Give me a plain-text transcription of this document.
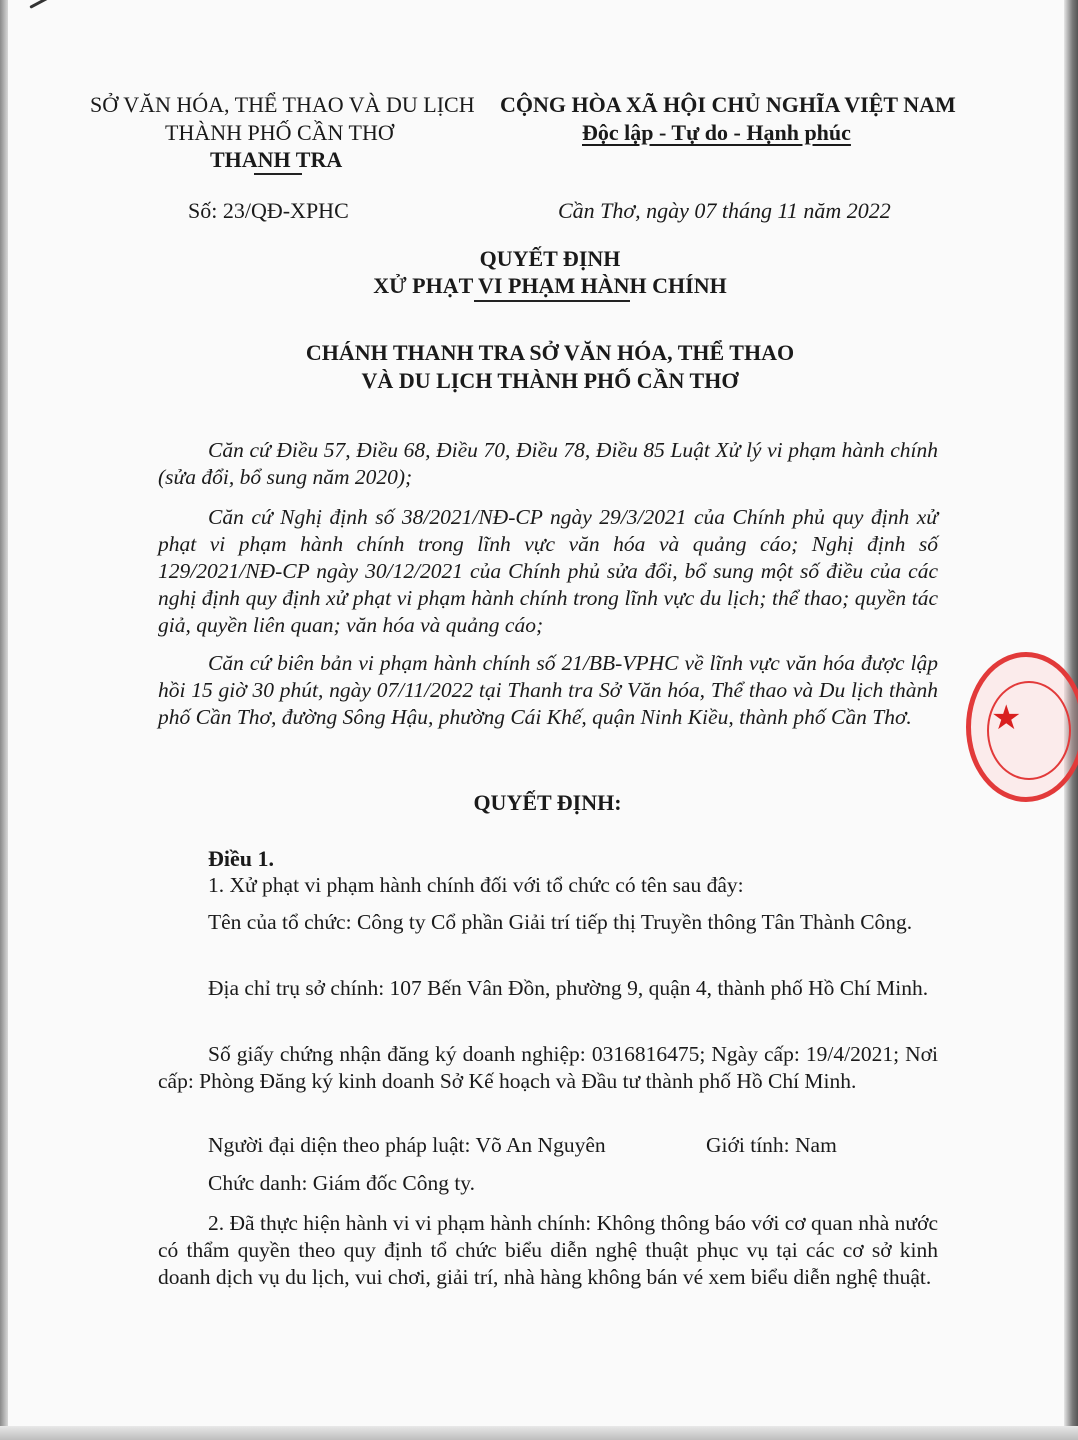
SỞ VĂN HÓA, THỂ THAO VÀ DU LỊCH
THÀNH PHỐ CẦN THƠ
THANH TRA
CỘNG HÒA XÃ HỘI CHỦ NGHĨA VIỆT NAM
Độc lập - Tự do - Hạnh phúc
Số: 23/QĐ-XPHC	Cần Thơ, ngày 07 tháng 11 năm 2022
QUYẾT ĐỊNH
XỬ PHẠT VI PHẠM HÀNH CHÍNH
CHÁNH THANH TRA SỞ VĂN HÓA, THỂ THAO
VÀ DU LỊCH THÀNH PHỐ CẦN THƠ
Căn cứ Điều 57, Điều 68, Điều 70, Điều 78, Điều 85 Luật Xử lý vi phạm hành chính (sửa đổi, bổ sung năm 2020);
Căn cứ Nghị định số 38/2021/NĐ-CP ngày 29/3/2021 của Chính phủ quy định xử phạt vi phạm hành chính trong lĩnh vực văn hóa và quảng cáo; Nghị định số 129/2021/NĐ-CP ngày 30/12/2021 của Chính phủ sửa đổi, bổ sung một số điều của các nghị định quy định xử phạt vi phạm hành chính trong lĩnh vực du lịch; thể thao; quyền tác giả, quyền liên quan; văn hóa và quảng cáo;
Căn cứ biên bản vi phạm hành chính số 21/BB-VPHC về lĩnh vực văn hóa được lập hồi 15 giờ 30 phút, ngày 07/11/2022 tại Thanh tra Sở Văn hóa, Thể thao và Du lịch thành phố Cần Thơ, đường Sông Hậu, phường Cái Khế, quận Ninh Kiều, thành phố Cần Thơ.	★
QUYẾT ĐỊNH:
Điều 1.
1. Xử phạt vi phạm hành chính đối với tổ chức có tên sau đây:
Tên của tổ chức: Công ty Cổ phần Giải trí tiếp thị Truyền thông Tân Thành Công.
Địa chỉ trụ sở chính: 107 Bến Vân Đồn, phường 9, quận 4, thành phố Hồ Chí Minh.
Số giấy chứng nhận đăng ký doanh nghiệp: 0316816475; Ngày cấp: 19/4/2021; Nơi cấp: Phòng Đăng ký kinh doanh Sở Kế hoạch và Đầu tư thành phố Hồ Chí Minh.
Người đại diện theo pháp luật: Võ An Nguyên	Giới tính: Nam
Chức danh: Giám đốc Công ty.
2. Đã thực hiện hành vi vi phạm hành chính: Không thông báo với cơ quan nhà nước có thẩm quyền theo quy định tổ chức biểu diễn nghệ thuật phục vụ tại các cơ sở kinh doanh dịch vụ du lịch, vui chơi, giải trí, nhà hàng không bán vé xem biểu diễn nghệ thuật.
